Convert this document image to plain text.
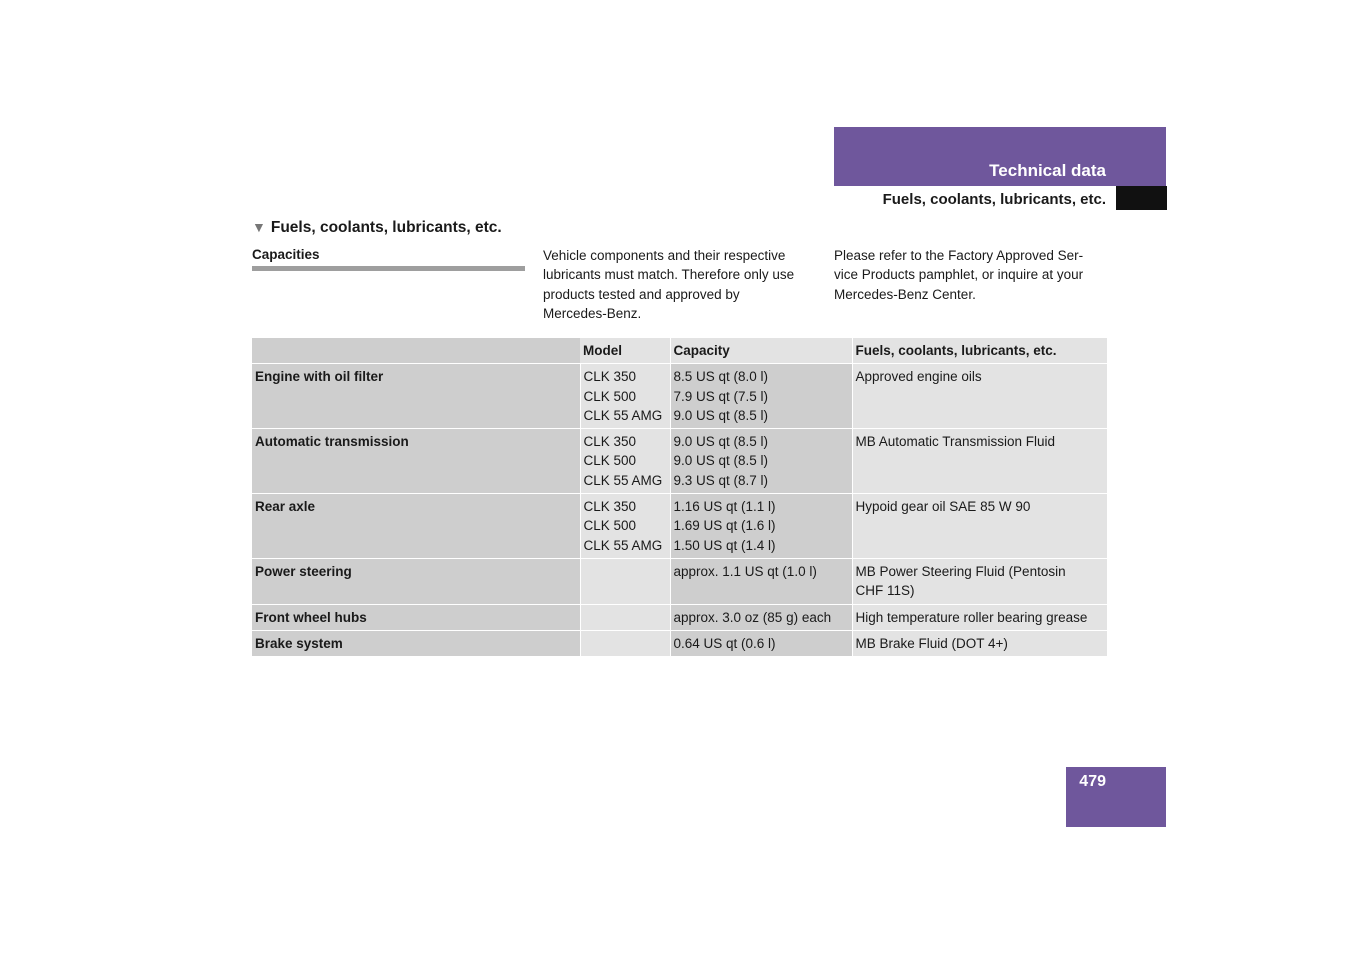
Technical data
Fuels, coolants, lubricants, etc.
▼ Fuels, coolants, lubricants, etc.
Capacities	Vehicle components and their respective
lubricants must match. Therefore only use
products tested and approved by
Mercedes-Benz.
Please refer to the Factory Approved Ser-
vice Products pamphlet, or inquire at your
Mercedes-Benz Center.
	Model	Capacity	Fuels, coolants, lubricants, etc.
Engine with oil filter	CLK 350
CLK 500
CLK 55 AMG	8.5 US qt (8.0 l)
7.9 US qt (7.5 l)
9.0 US qt (8.5 l)	Approved engine oils

Automatic transmission	CLK 350
CLK 500
CLK 55 AMG	9.0 US qt (8.5 l)
9.0 US qt (8.5 l)
9.3 US qt (8.7 l)	MB Automatic Transmission Fluid

Rear axle	CLK 350
CLK 500
CLK 55 AMG	1.16 US qt (1.1 l)
1.69 US qt (1.6 l)
1.50 US qt (1.4 l)	Hypoid gear oil SAE 85 W 90

Power steering		approx. 1.1 US qt (1.0 l)	MB Power Steering Fluid (Pentosin
CHF 11S)

Front wheel hubs		approx. 3.0 oz (85 g) each	High temperature roller bearing grease

Brake system		0.64 US qt (0.6 l)	MB Brake Fluid (DOT 4+)
479
